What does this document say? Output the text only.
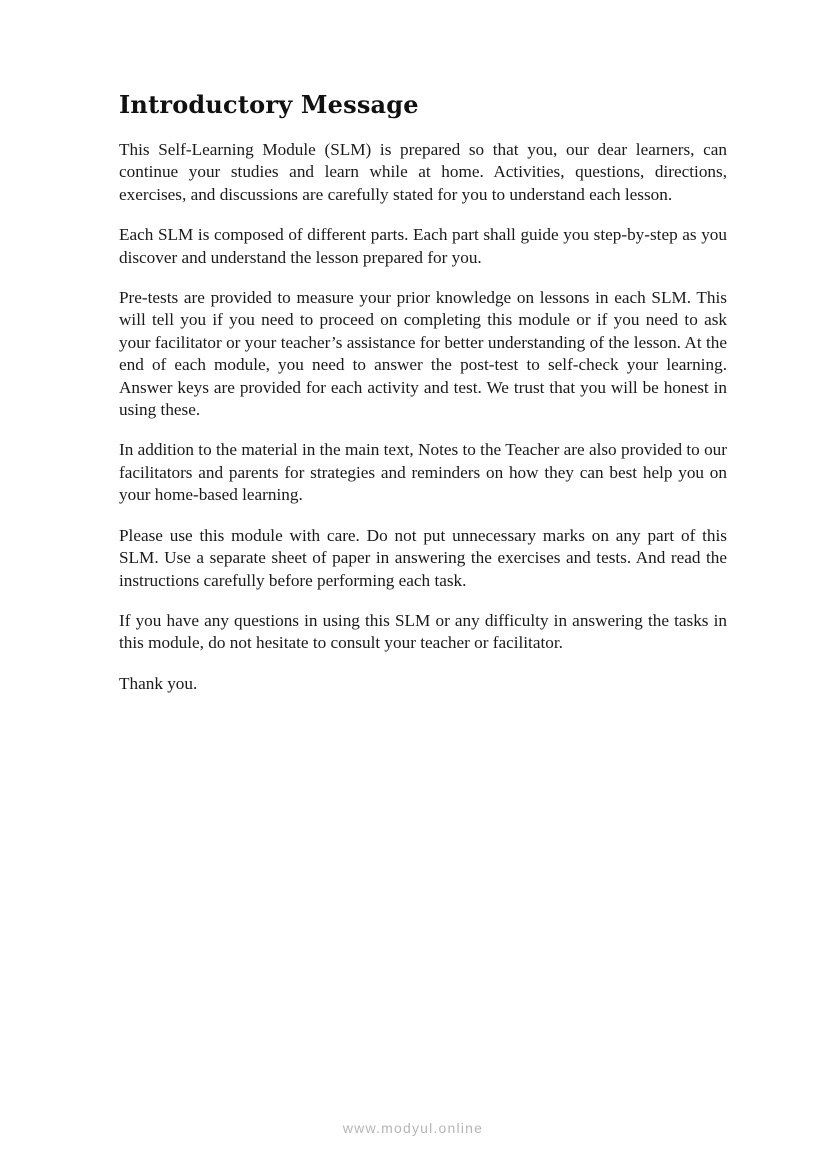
Introductory Message

This Self-Learning Module (SLM) is prepared so that you, our dear learners, can continue your studies and learn while at home. Activities, questions, directions, exercises, and discussions are carefully stated for you to understand each lesson.

Each SLM is composed of different parts. Each part shall guide you step-by-step as you discover and understand the lesson prepared for you.

Pre-tests are provided to measure your prior knowledge on lessons in each SLM. This will tell you if you need to proceed on completing this module or if you need to ask your facilitator or your teacher’s assistance for better understanding of the lesson. At the end of each module, you need to answer the post-test to self-check your learning. Answer keys are provided for each activity and test. We trust that you will be honest in using these.

In addition to the material in the main text, Notes to the Teacher are also provided to our facilitators and parents for strategies and reminders on how they can best help you on your home-based learning.

Please use this module with care. Do not put unnecessary marks on any part of this SLM. Use a separate sheet of paper in answering the exercises and tests. And read the instructions carefully before performing each task.

If you have any questions in using this SLM or any difficulty in answering the tasks in this module, do not hesitate to consult your teacher or facilitator.

Thank you.

www.modyul.online
